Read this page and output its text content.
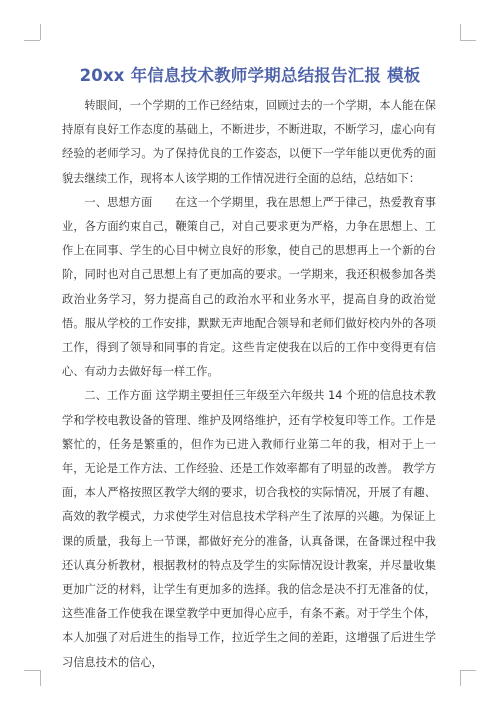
20xx 年信息技术教师学期总结报告汇报 模板

转眼间，一个学期的工作已经结束，回顾过去的一个学期，本人能在保持原有良好工作态度的基础上，不断进步，不断进取，不断学习，虚心向有经验的老师学习。为了保持优良的工作姿态，以便下一学年能以更优秀的面貌去继续工作，现将本人该学期的工作情况进行全面的总结，总结如下：

一、思想方面　　在这一个学期里，我在思想上严于律己，热爱教育事业，各方面约束自己，鞭策自己，对自己要求更为严格，力争在思想上、工作上在同事、学生的心目中树立良好的形象，使自己的思想再上一个新的台阶，同时也对自己思想上有了更加高的要求。一学期来，我还积极参加各类政治业务学习，努力提高自己的政治水平和业务水平，提高自身的政治觉悟。服从学校的工作安排，默默无声地配合领导和老师们做好校内外的各项工作，得到了领导和同事的肯定。这些肯定使我在以后的工作中变得更有信心、有动力去做好每一样工作。

二、工作方面 这学期主要担任三年级至六年级共 14 个班的信息技术教学和学校电教设备的管理、维护及网络维护，还有学校复印等工作。工作是繁忙的，任务是繁重的，但作为已进入教师行业第二年的我，相对于上一年，无论是工作方法、工作经验、还是工作效率都有了明显的改善。 教学方面，本人严格按照区教学大纲的要求，切合我校的实际情况，开展了有趣、高效的教学模式，力求使学生对信息技术学科产生了浓厚的兴趣。为保证上课的质量，我每上一节课，都做好充分的准备，认真备课，在备课过程中我还认真分析教材，根据教材的特点及学生的实际情况设计教案，并尽量收集更加广泛的材料，让学生有更加多的选择。我的信念是决不打无准备的仗，这些准备工作使我在课堂教学中更加得心应手，有条不紊。对于学生个体，本人加强了对后进生的指导工作，拉近学生之间的差距，这增强了后进生学习信息技术的信心，
